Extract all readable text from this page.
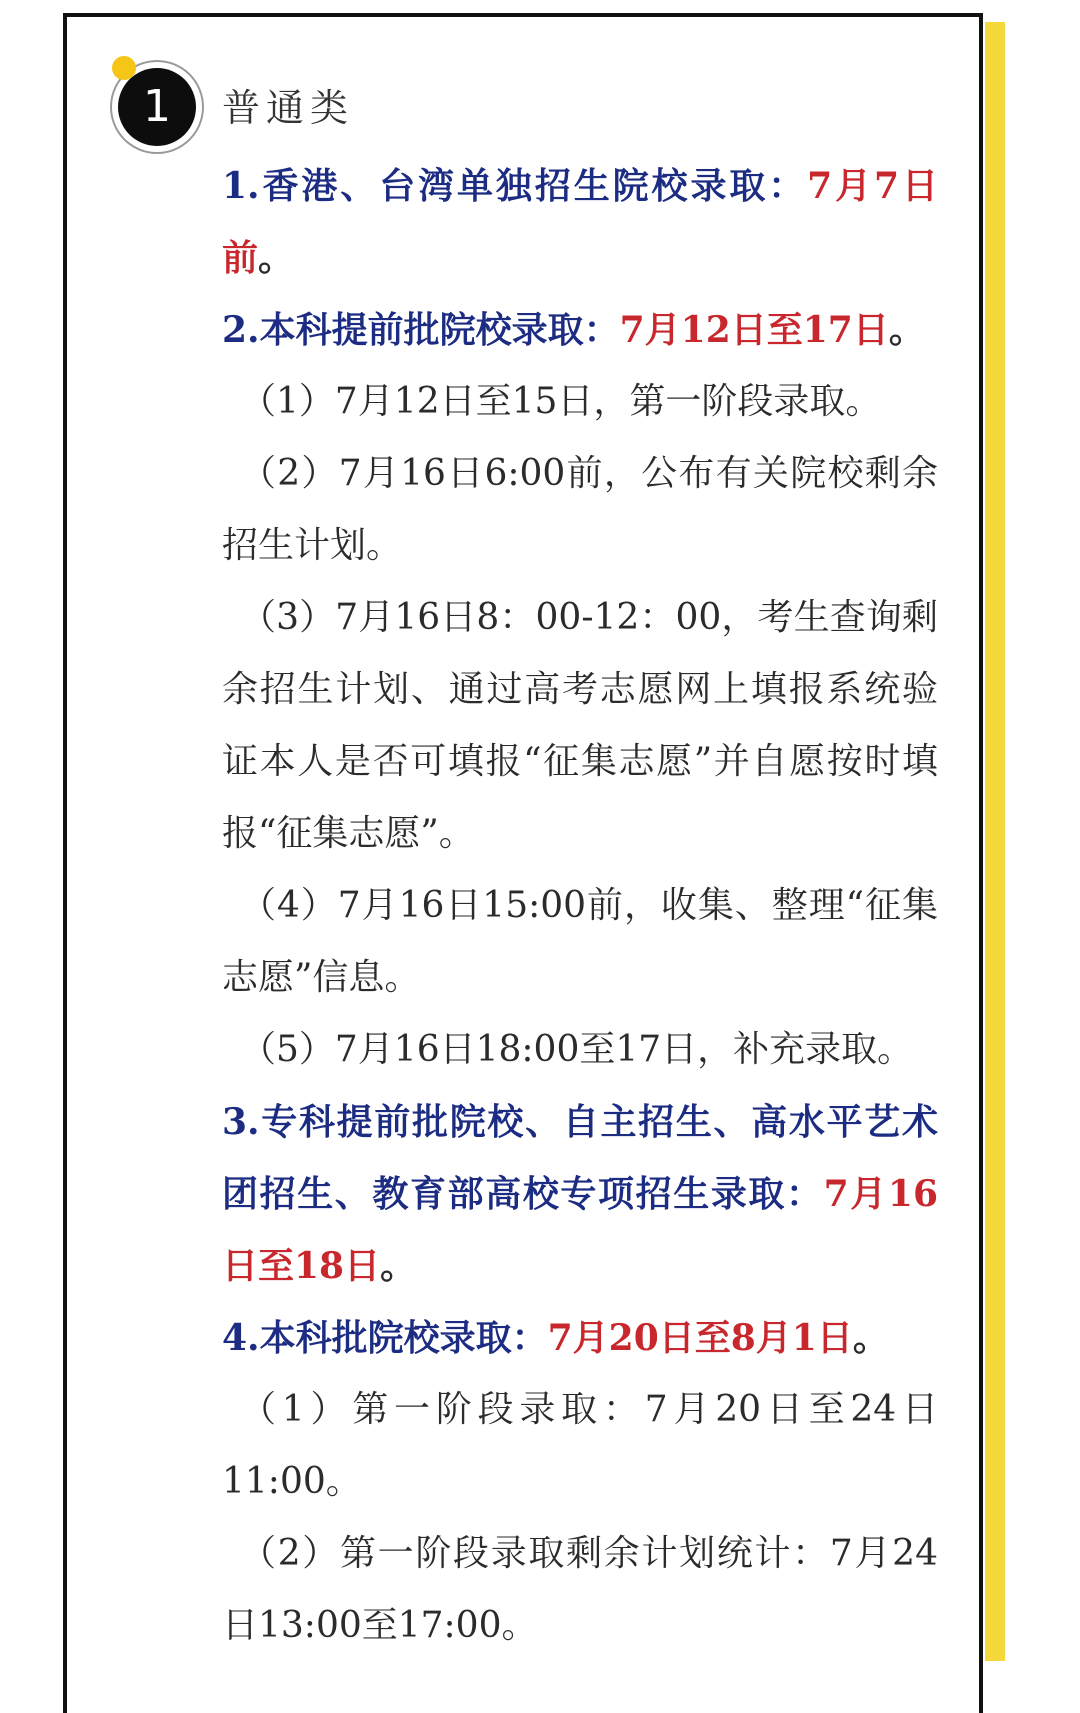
1	普通类

1.香港、台湾单独招生院校录取：7月7日前。

2.本科提前批院校录取：7月12日至17日。

（1）7月12日至15日，第一阶段录取。

（2）7月16日6:00前，公布有关院校剩余招生计划。

（3）7月16日8：00-12：00，考生查询剩余招生计划、通过高考志愿网上填报系统验证本人是否可填报“征集志愿”并自愿按时填报“征集志愿”。

（4）7月16日15:00前，收集、整理“征集志愿”信息。

（5）7月16日18:00至17日，补充录取。

3.专科提前批院校、自主招生、高水平艺术团招生、教育部高校专项招生录取：7月16日至18日。

4.本科批院校录取：7月20日至8月1日。

（1）第一阶段录取：7月20日至24日11:00。

（2）第一阶段录取剩余计划统计：7月24日13:00至17:00。
